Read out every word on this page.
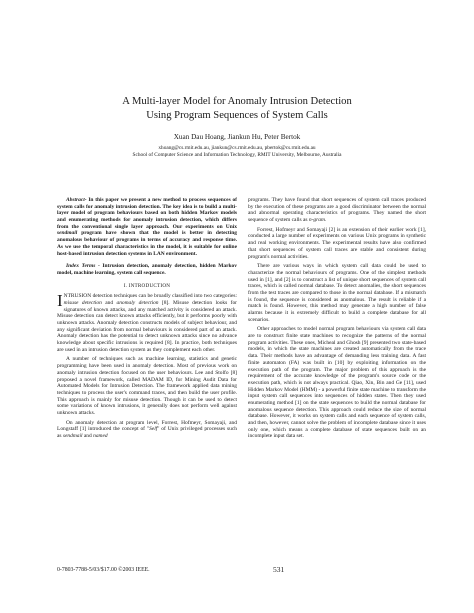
A Multi-layer Model for Anomaly Intrusion Detection
Using Program Sequences of System Calls
Xuan Dau Hoang, Jiankun Hu, Peter Bertok
xhoang@cs.rmit.edu.au, jiankun@cs.rmit.edu.au, pbertok@cs.rmit.edu.au
School of Computer Science and Information Technology, RMIT University, Melbourne, Australia

Abstract- In this paper we present a new method to process sequences of system calls for anomaly intrusion detection. The key idea is to build a multi-layer model of program behaviours based on both hidden Markov models and enumerating methods for anomaly intrusion detection, which differs from the conventional single layer approach. Our experiments on Unix sendmail program have shown that the model is better in detecting anomalous behaviour of programs in terms of accuracy and response time. As we use the temporal characteristics in the model, it is suitable for online host-based intrusion detection systems in LAN environment.

Index Terms - Intrusion detection, anomaly detection, hidden Markov model, machine learning, system call sequence.

I. INTRODUCTION

INTRUSION detection techniques can be broadly classified into two categories: misuse detection and anomaly detection [8]. Misuse detection looks for signatures of known attacks, and any matched activity is considered an attack. Misuse detection can detect known attacks efficiently, but it performs poorly with unknown attacks. Anomaly detection constructs models of subject behaviour, and any significant deviation from normal behaviours is considered part of an attack. Anomaly detection has the potential to detect unknown attacks since no advance knowledge about specific intrusions is required [8]. In practice, both techniques are used in an intrusion detection system as they complement each other.

A number of techniques such as machine learning, statistics and genetic programming have been used in anomaly detection. Most of previous work on anomaly intrusion detection focused on the user behaviours. Lee and Stolfo [8] proposed a novel framework, called MADAM ID, for Mining Audit Data for Automated Models for Intrusion Detection. The framework applied data mining techniques to process the user's command traces, and then build the user profile. This approach is mainly for misuse detection. Though it can be used to detect some variations of known intrusions, it generally does not perform well against unknown attacks.

On anomaly detection at program level, Forrest, Hofmeyr, Somayaji, and Longstaff [1] introduced the concept of "Self" of Unix privileged processes such as sendmail and named

programs. They have found that short sequences of system call traces produced by the execution of these programs are a good discriminator between the normal and abnormal operating characteristics of programs. They named the short sequence of system calls as n-gram.

Forrest, Hofmeyr and Somayaji [2] is an extension of their earlier work [1], conducted a large number of experiments on various Unix programs in synthetic and real working environments. The experimental results have also confirmed that short sequences of system call traces are stable and consistent during program's normal activities.

There are various ways in which system call data could be used to characterize the normal behaviours of programs. One of the simplest methods used in [1], and [2] is to construct a list of unique short sequences of system call traces, which is called normal database. To detect anomalies, the short sequences from the test traces are compared to those in the normal database. If a mismatch is found, the sequence is considered as anomalous. The result is reliable if a match is found. However, this method may generate a high number of false alarms because it is extremely difficult to build a complete database for all scenarios.

Other approaches to model normal program behaviours via system call data are to construct finite state machines to recognize the patterns of the normal program activities. These ones, Micheal and Ghosh [9] presented two state-based models, in which the state machines are created automatically from the trace data. Their methods have an advantage of demanding less training data. A fast finite automaton (FA) was built in [10] by exploiting information on the execution path of the program. The major problem of this approach is the requirement of the accurate knowledge of the program's source code or the execution path, which is not always practical. Qiao, Xin, Bin and Ge [11], used Hidden Markov Model (HMM) - a powerful finite state machine to transform the input system call sequences into sequences of hidden states. Then they used enumerating method [1] on the state sequences to build the normal database for anomalous sequence detection. This approach could reduce the size of normal database. However, it works on system calls and each sequence of system calls, and then, however, cannot solve the problem of incomplete database since it uses only one, which means a complete database of state sequences built on an incomplete input data set.

0-7803-7788-5/03/$17.00 ©2003 IEEE.	531
